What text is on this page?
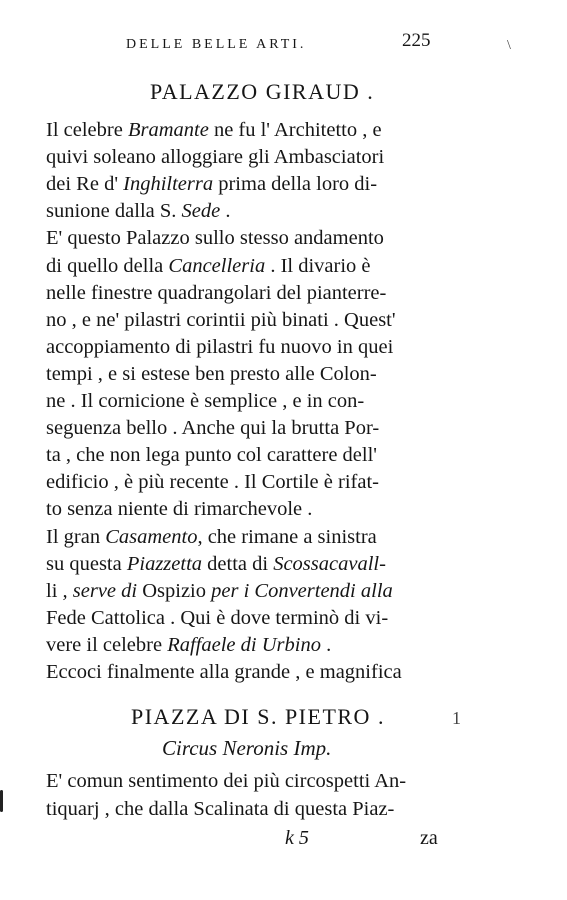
DELLE BELLE ARTI.	225	\
PALAZZO GIRAUD .
Il celebre Bramante ne fu l' Architetto , e
quivi soleano alloggiare gli Ambasciatori
dei Re d' Inghilterra prima della loro di-
sunione dalla S. Sede .
E' questo Palazzo sullo stesso andamento
di quello della Cancelleria . Il divario è
nelle finestre quadrangolari del pianterre-
no , e ne' pilastri corintii più binati . Quest'
accoppiamento di pilastri fu nuovo in quei
tempi , e si estese ben presto alle Colon-
ne . Il cornicione è semplice , e in con-
seguenza bello . Anche qui la brutta Por-
ta , che non lega punto col carattere dell'
edificio , è più recente . Il Cortile è rifat-
to senza niente di rimarchevole .
Il gran Casamento, che rimane a sinistra
su questa Piazzetta detta di Scossacavall-
li , serve di Ospizio per i Convertendi alla
Fede Cattolica . Qui è dove terminò di vi-
vere il celebre Raffaele di Urbino .
Eccoci finalmente alla grande , e magnifica
PIAZZA DI S. PIETRO .	1
Circus Neronis Imp.
E' comun sentimento dei più circospetti An-
tiquarj , che dalla Scalinata di questa Piaz-
k 5	za
